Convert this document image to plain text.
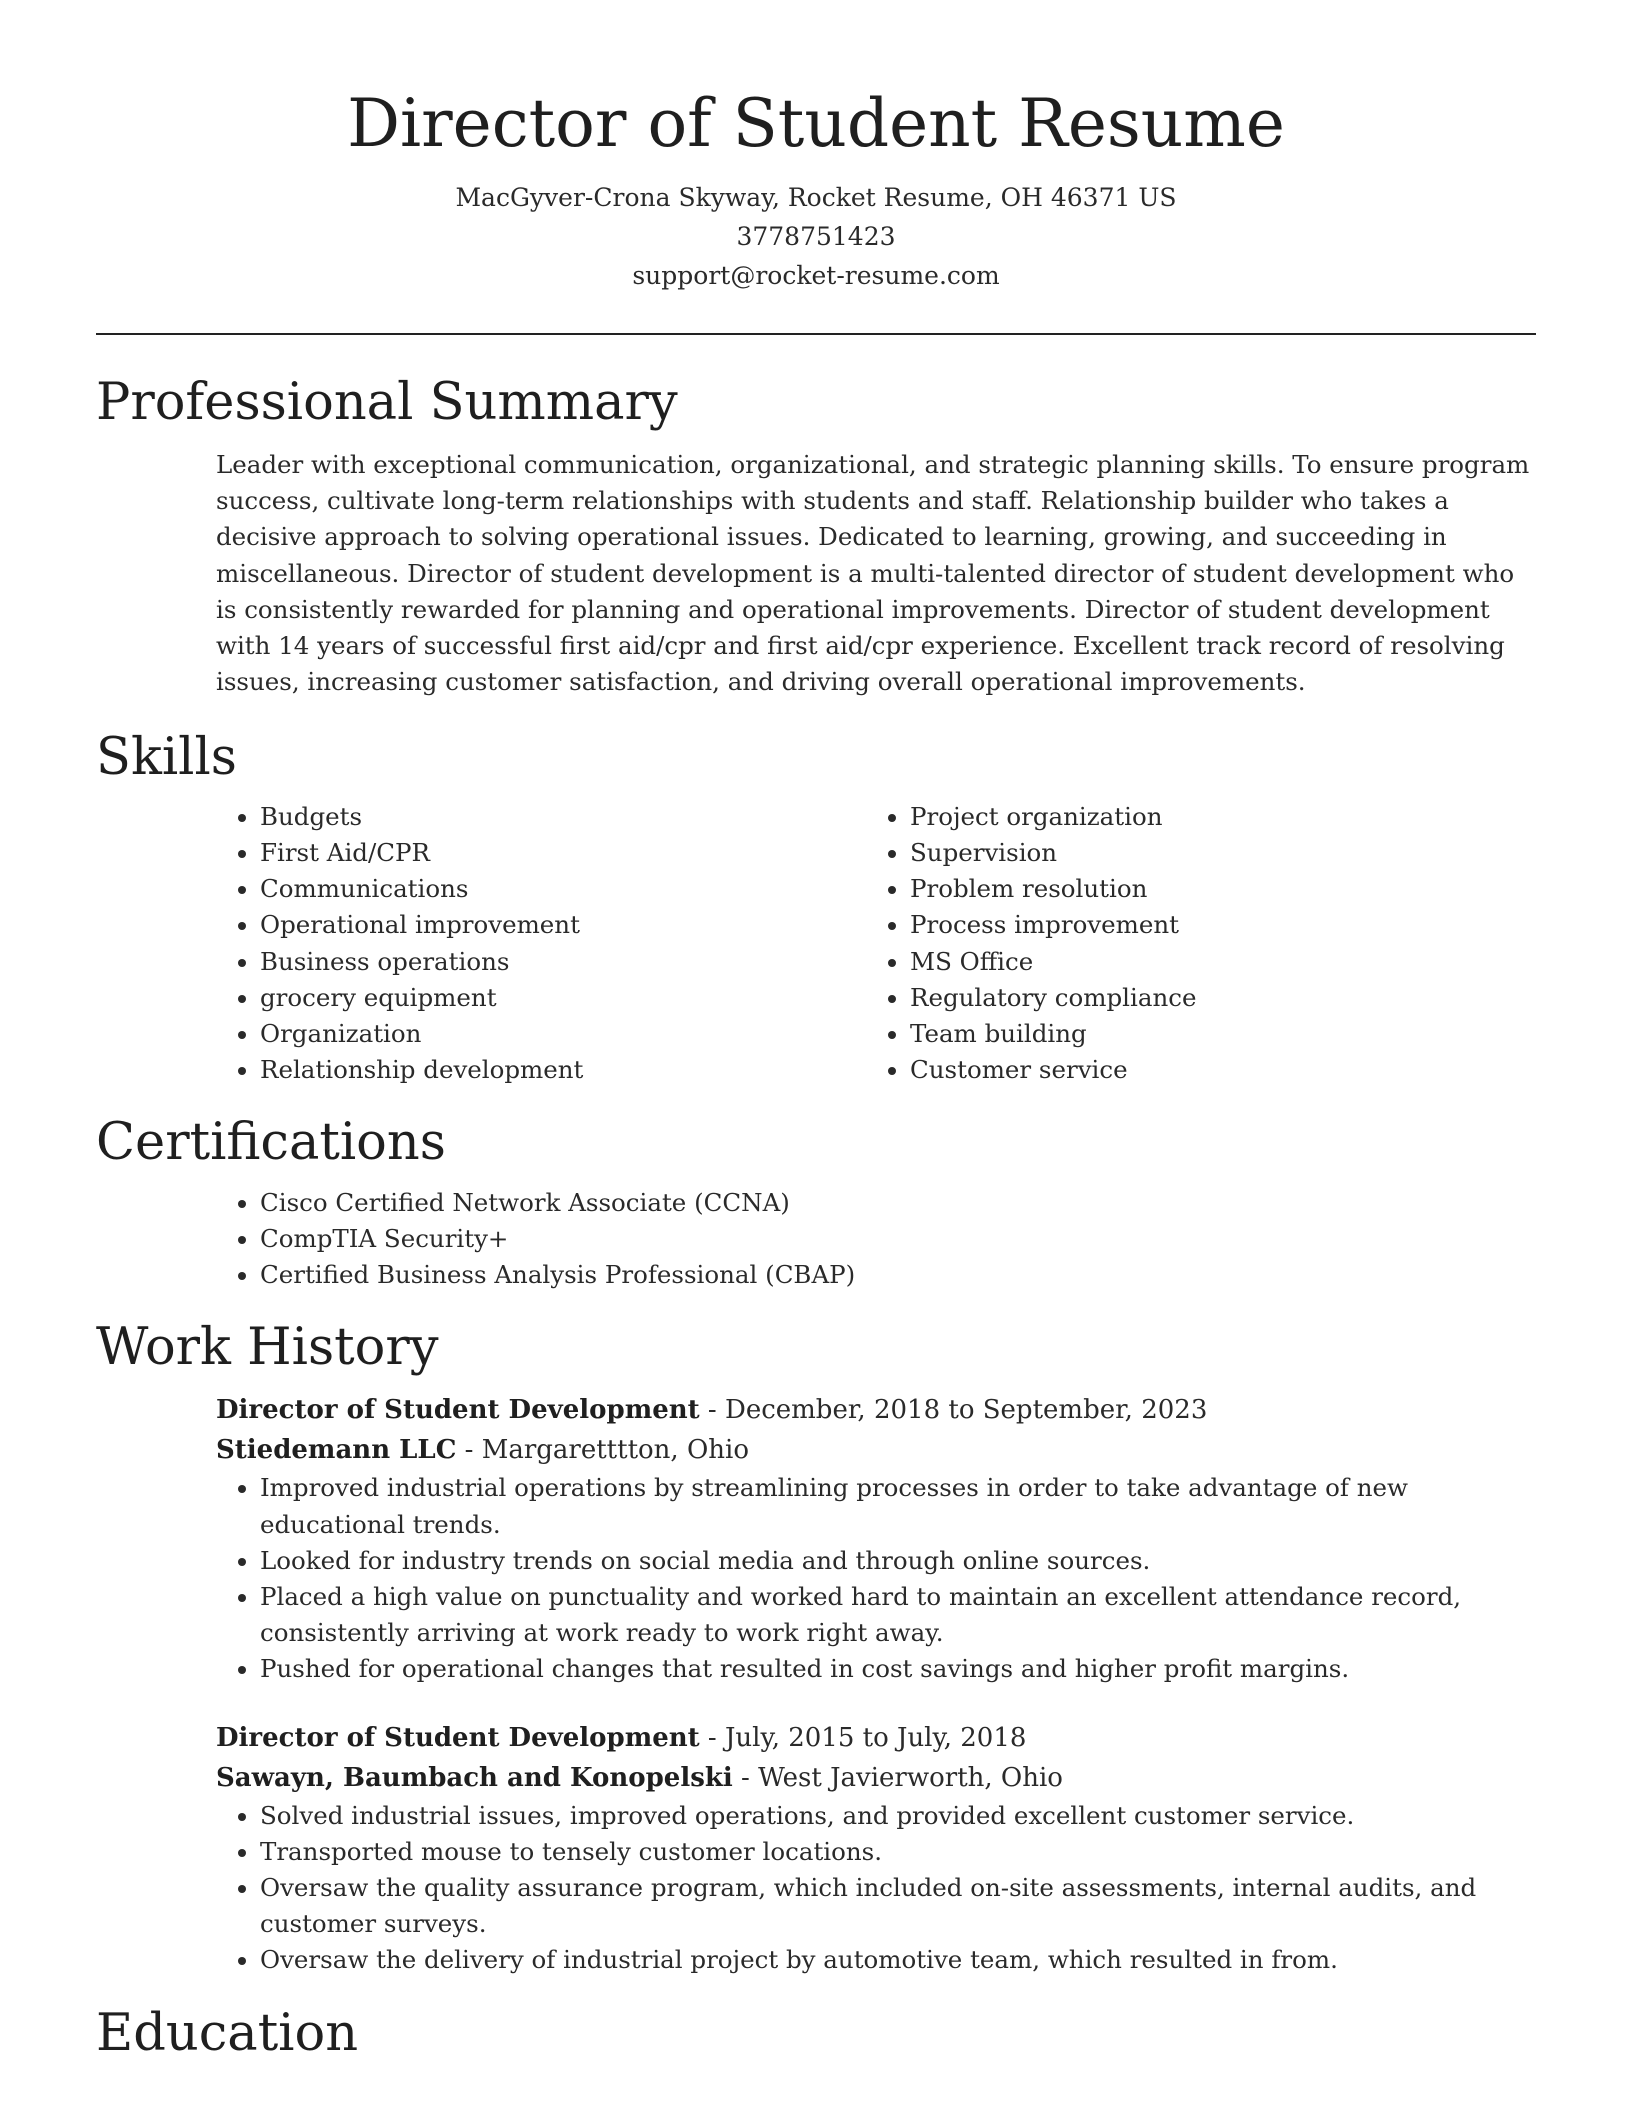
Director of Student Resume

MacGyver-Crona Skyway, Rocket Resume, OH 46371 US

3778751423

support@rocket-resume.com

Professional Summary

Leader with exceptional communication, organizational, and strategic planning skills. To ensure program success, cultivate long-term relationships with students and staff. Relationship builder who takes a decisive approach to solving operational issues. Dedicated to learning, growing, and succeeding in miscellaneous. Director of student development is a multi-talented director of student development who is consistently rewarded for planning and operational improvements. Director of student development with 14 years of successful first aid/cpr and first aid/cpr experience. Excellent track record of resolving issues, increasing customer satisfaction, and driving overall operational improvements.

Skills
• Budgets
• First Aid/CPR
• Communications
• Operational improvement
• Business operations
• grocery equipment
• Organization
• Relationship development
• Project organization
• Supervision
• Problem resolution
• Process improvement
• MS Office
• Regulatory compliance
• Team building
• Customer service
Certifications
• Cisco Certified Network Associate (CCNA)
• CompTIA Security+
• Certified Business Analysis Professional (CBAP)
Work History
Director of Student Development - December, 2018 to September, 2023
Stiedemann LLC - Margaretttton, Ohio
• Improved industrial operations by streamlining processes in order to take advantage of new educational trends.
• Looked for industry trends on social media and through online sources.
• Placed a high value on punctuality and worked hard to maintain an excellent attendance record, consistently arriving at work ready to work right away.
• Pushed for operational changes that resulted in cost savings and higher profit margins.
Director of Student Development - July, 2015 to July, 2018
Sawayn, Baumbach and Konopelski - West Javierworth, Ohio
• Solved industrial issues, improved operations, and provided excellent customer service.
• Transported mouse to tensely customer locations.
• Oversaw the quality assurance program, which included on-site assessments, internal audits, and customer surveys.
• Oversaw the delivery of industrial project by automotive team, which resulted in from.
Education
